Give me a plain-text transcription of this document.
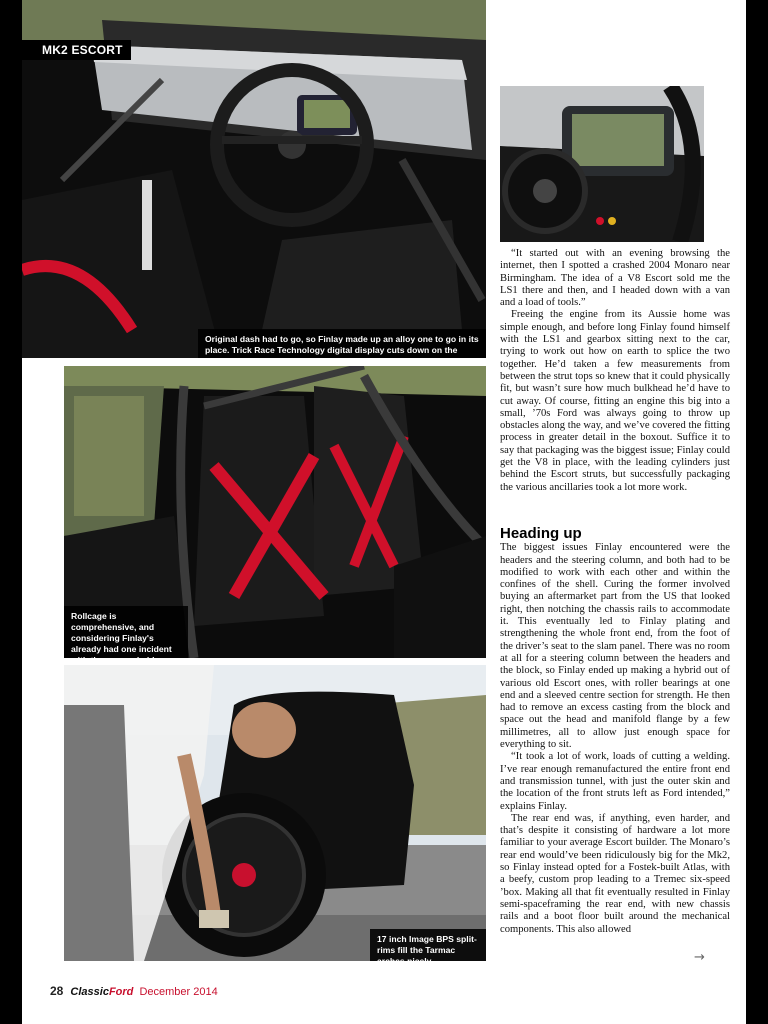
Original dash had to go, so Finlay made up an alloy one to go in its place. Trick Race Technology digital display cuts down on the amount of gauges needed.
MK2 ESCORT
Rollcage is comprehensive, and considering Finlay's already had one incident with the car, probably very
17 inch Image BPS split-rims fill the Tarmac arches nicely.

“It started out with an evening browsing the internet, then I spotted a crashed 2004 Monaro near Birmingham. The idea of a V8 Escort sold me the LS1 there and then, and I headed down with a van and a load of tools.”

Freeing the engine from its Aussie home was simple enough, and before long Finlay found himself with the LS1 and gearbox sitting next to the car, trying to work out how on earth to splice the two together. He’d taken a few measurements from between the strut tops so knew that it could physically fit, but wasn’t sure how much bulkhead he’d have to cut away. Of course, fitting an engine this big into a small, ’70s Ford was always going to throw up obstacles along the way, and we’ve covered the fitting process in greater detail in the boxout. Suffice it to say that packaging was the biggest issue; Finlay could get the V8 in place, with the leading cylinders just behind the Escort struts, but successfully packaging the various ancillaries took a lot more work.

Heading up

The biggest issues Finlay encountered were the headers and the steering column, and both had to be modified to work with each other and within the confines of the shell. Curing the former involved buying an aftermarket part from the US that looked right, then notching the chassis rails to accommodate it. This eventually led to Finlay plating and strengthening the whole front end, from the foot of the driver’s seat to the slam panel. There was no room at all for a steering column between the headers and the block, so Finlay ended up making a hybrid out of various old Escort ones, with roller bearings at one end and a sleeved centre section for strength. He then had to remove an excess casting from the block and space out the head and manifold flange by a few millimetres, all to allow just enough space for everything to sit.

“It took a lot of work, loads of cutting a welding. I’ve rear enough remanufactured the entire front end and transmission tunnel, with just the outer skin and the location of the front struts left as Ford intended,” explains Finlay.

The rear end was, if anything, even harder, and that’s despite it consisting of hardware a lot more familiar to your average Escort builder. The Monaro’s rear end would’ve been ridiculously big for the Mk2, so Finlay instead opted for a Fostek-built Atlas, with a beefy, custom prop leading to a Tremec six-speed ’box. Making all that fit eventually resulted in Finlay semi-spaceframing the rear end, with new chassis rails and a boot floor built around the mechanical components. This also allowed

→
28 ClassicFord December 2014
